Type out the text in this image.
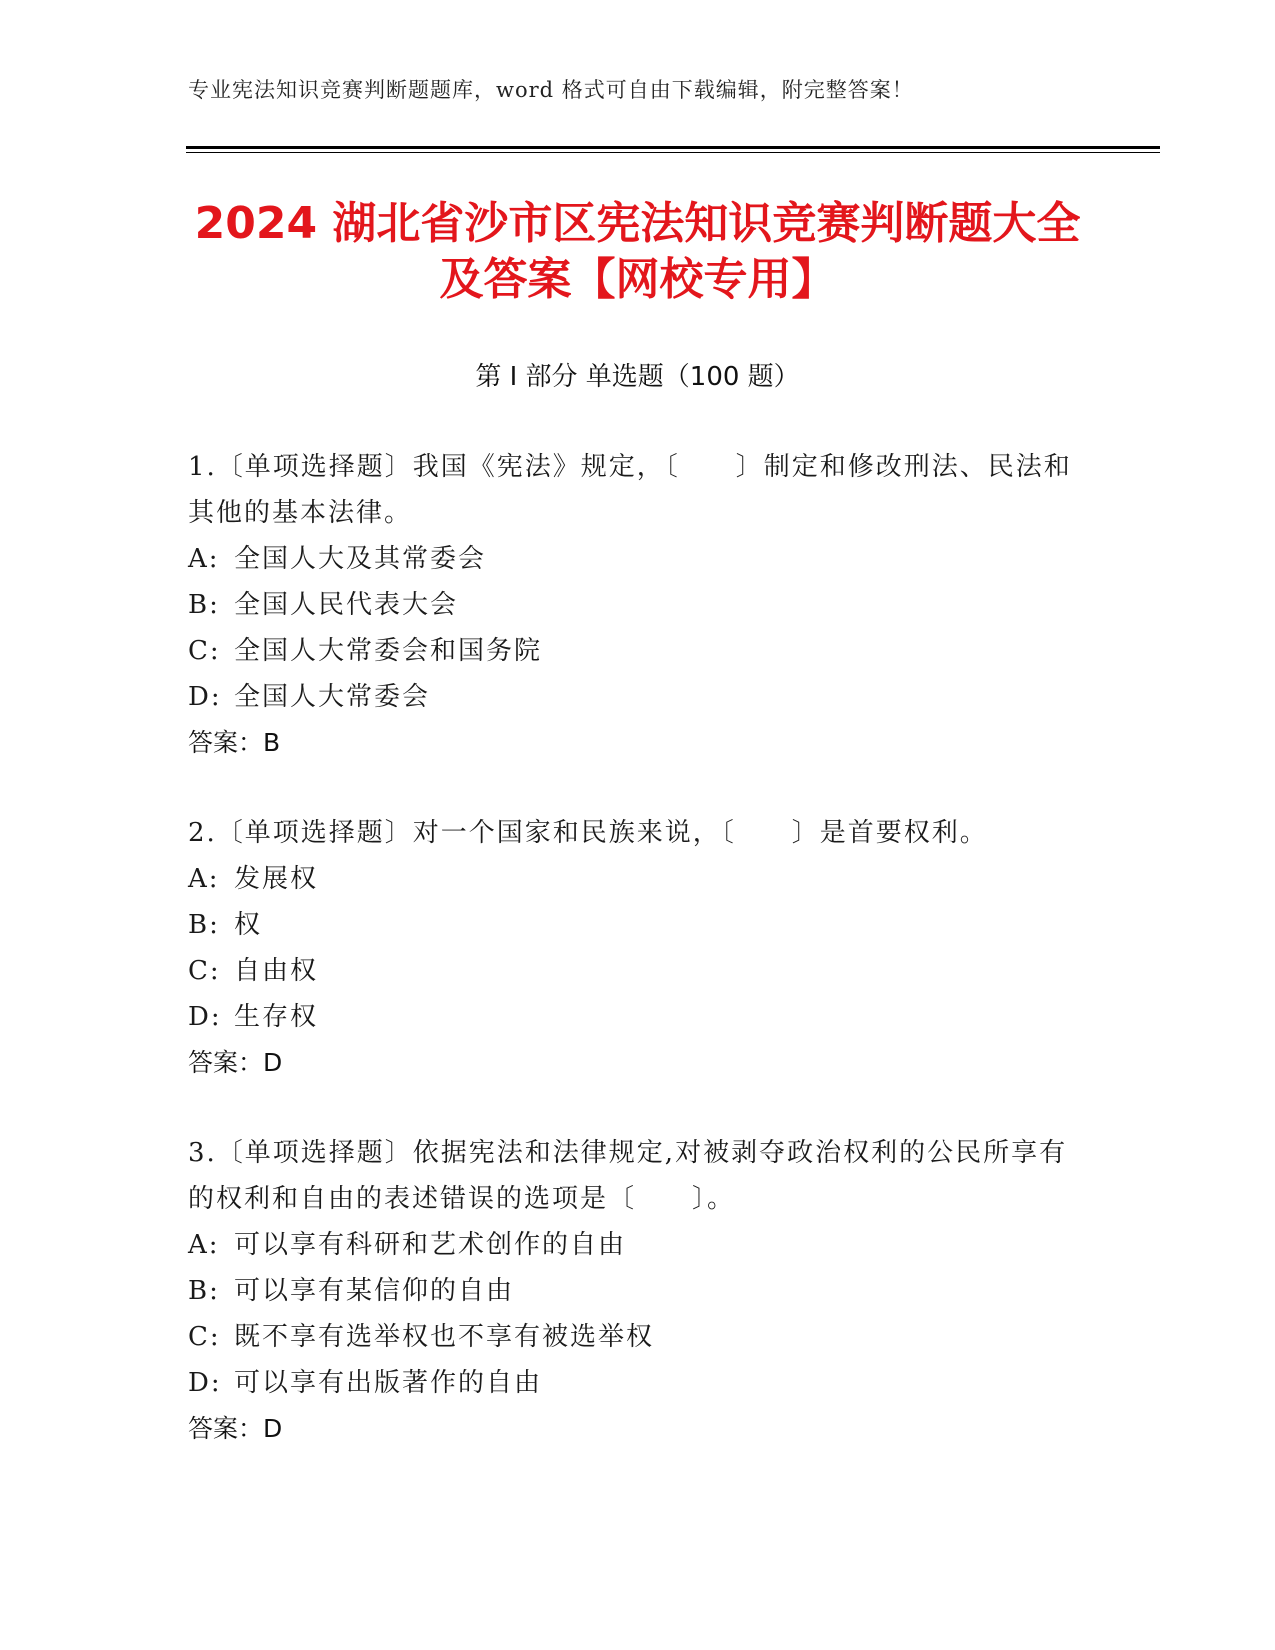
专业宪法知识竞赛判断题题库，word 格式可自由下载编辑，附完整答案！
2024 湖北省沙市区宪法知识竞赛判断题大全
及答案【网校专用】
第 I 部分 单选题（100 题）

1.〔单项选择题〕我国《宪法》规定，〔　　〕制定和修改刑法、民法和其他的基本法律。

A: 全国人大及其常委会

B: 全国人民代表大会

C: 全国人大常委会和国务院

D: 全国人大常委会

答案：B

2.〔单项选择题〕对一个国家和民族来说，〔　　〕是首要权利。

A: 发展权

B: 权

C: 自由权

D: 生存权

答案：D

3.〔单项选择题〕依据宪法和法律规定,对被剥夺政治权利的公民所享有的权利和自由的表述错误的选项是〔　　〕。

A: 可以享有科研和艺术创作的自由

B: 可以享有某信仰的自由

C: 既不享有选举权也不享有被选举权

D: 可以享有出版著作的自由

答案：D
